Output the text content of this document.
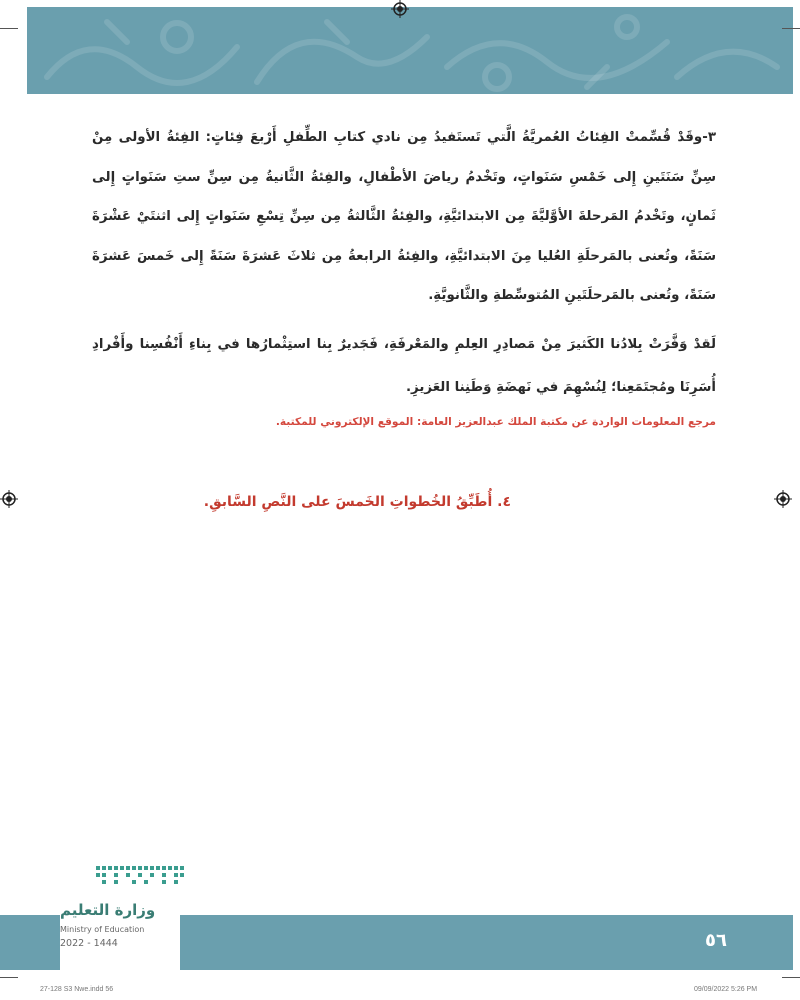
٣-وقَدْ قُسِّمتْ الفِئاتُ العُمريَّةُ الَّتي تَستَفيدُ مِن نادي كتابِ الطِّفلِ أَرْبعَ فِئاتٍ: الفِئةُ الأولى مِنْ سِنِّ سَنَتَينِ إِلى خَمْسِ سَنَواتٍ، وتَخْدمُ رياضَ الأطْفالِ، والفِئةُ الثَّانيةُ مِن سِنِّ ستِ سَنَواتٍ إِلى ثَمانٍ، وتَخْدمُ المَرحلةَ الأوَّليَّةَ مِن الابتدائيَّةِ، والفِئةُ الثَّالثةُ مِن سِنِّ تِسْعِ سَنَواتٍ إِلى اثنتَيْ عَشْرَةَ سَنَةً، وتُعنى بالمَرحلَةِ العُليا مِنَ الابتدائيَّةِ، والفِئةُ الرابعةُ مِن ثلاثَ عَشرَةَ سَنَةً إِلى خَمسَ عَشرَةَ سَنَةً، وتُعنى بالمَرحلَتَينِ المُتوسِّطةِ والثَّانويَّةِ.
لَقدْ وَفَّرَتْ بِلادُنا الكَثيرَ مِنْ مَصادِرِ العِلمِ والمَعْرفَةِ، فَجَديرٌ بِنا استِثْمارُها في بِناءِ أَنْفُسِنا وأَفْرادِ أُسَرِنَا ومُجتَمَعِنا؛ لِنُسْهِمَ في نَهضَةِ وَطَنِنا العَزيزِ.
مرجع المعلومات الواردة عن مكتبة الملك عبدالعزيز العامة: الموقع الإلكتروني للمكتبة.
٤. أُطَبِّقُ الخُطواتِ الخَمسَ على النَّصِ السَّابقِ.
٥٦
وزارة التعليم
Ministry of Education
2022 - 1444
27-128 S3 Nwe.indd 56	09/09/2022 5:26 PM
